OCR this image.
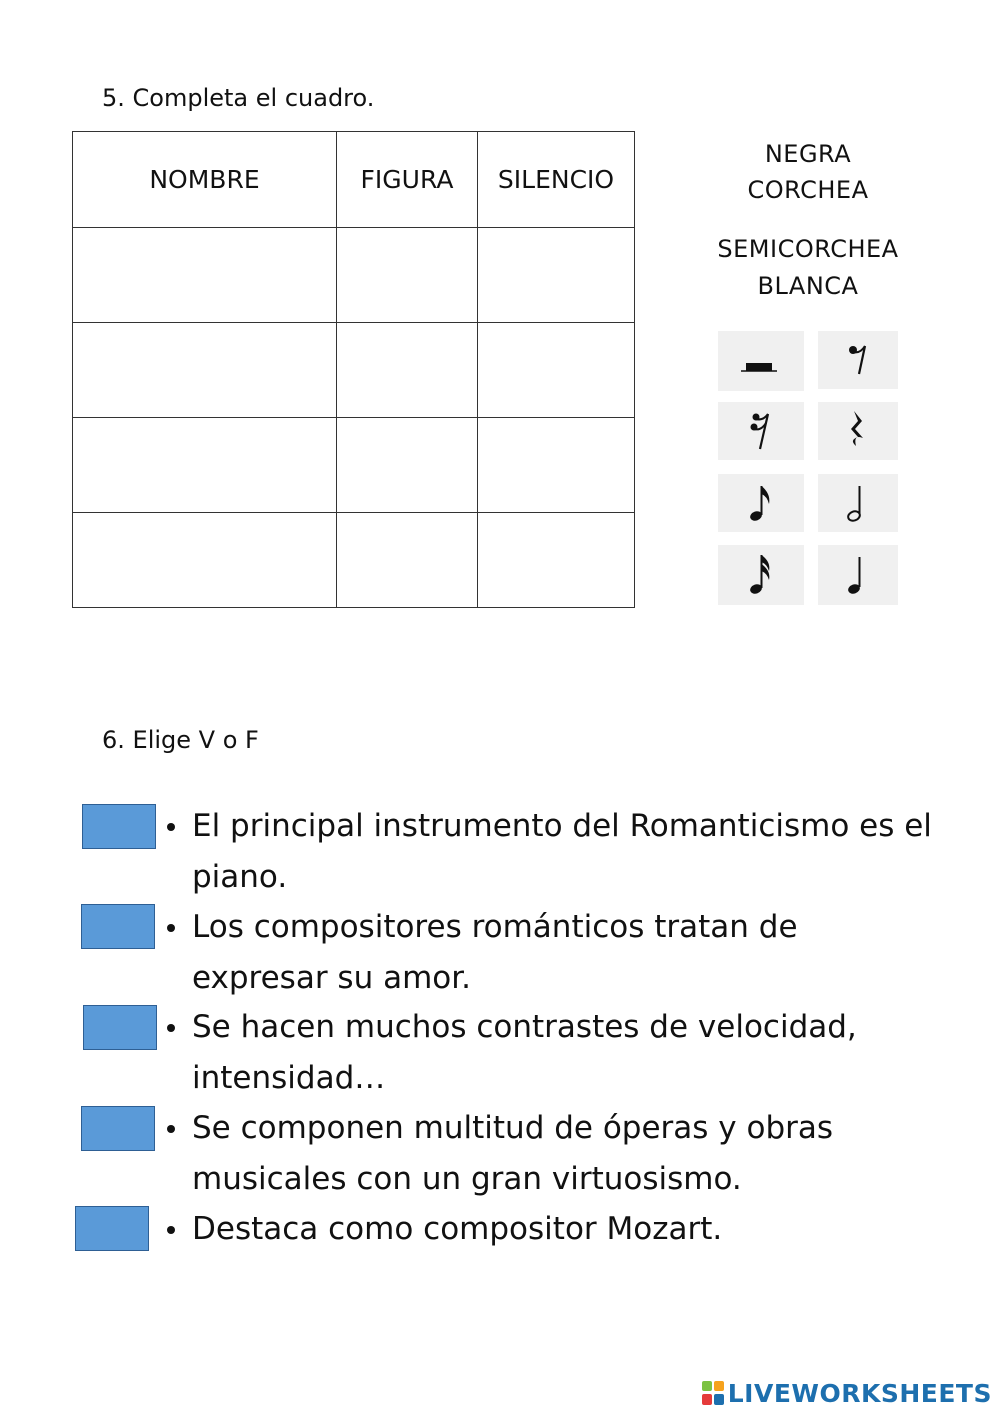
5. Completa el cuadro.
NOMBRE	FIGURA	SILENCIO

NEGRA
CORCHEA
SEMICORCHEA
BLANCA
6. Elige V o F
El principal instrumento del Romanticismo es el
piano.
Los compositores románticos tratan de
expresar su amor.
Se hacen muchos contrastes de velocidad,
intensidad…
Se componen multitud de óperas y obras
musicales con un gran virtuosismo.
Destaca como compositor Mozart.
LIVEWORKSHEETS
